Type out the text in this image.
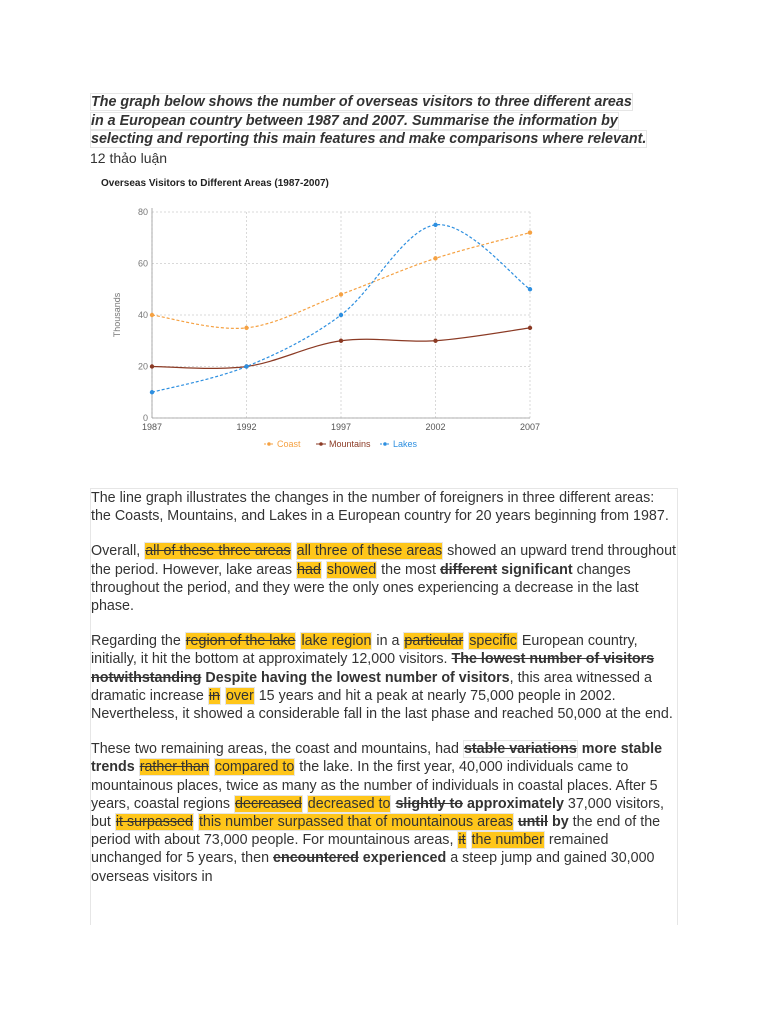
The graph below shows the number of overseas visitors to three different areas
in a European country between 1987 and 2007. Summarise the information by
selecting and reporting this main features and make comparisons where relevant.
12 thảo luận
Overseas Visitors to Different Areas (1987-2007)
0
20
40
60
80
1987	1992	1997	2002	2007
Thousands
Coast	Mountains Lakes

The line graph illustrates the changes in the number of foreigners in three different areas: the Coasts, Mountains, and Lakes in a European country for 20 years beginning from 1987.

Overall, all of these three areas all three of these areas showed an upward trend throughout the period. However, lake areas had showed the most different significant changes throughout the period, and they were the only ones experiencing a decrease in the last phase.

Regarding the region of the lake lake region in a particular specific European country, initially, it hit the bottom at approximately 12,000 visitors. The lowest number of visitors notwithstanding Despite having the lowest number of visitors, this area witnessed a dramatic increase in over 15 years and hit a peak at nearly 75,000 people in 2002. Nevertheless, it showed a considerable fall in the last phase and reached 50,000 at the end.

These two remaining areas, the coast and mountains, had stable variations more stable trends rather than compared to the lake. In the first year, 40,000 individuals came to mountainous places, twice as many as the number of individuals in coastal places. After 5 years, coastal regions decreased decreased to slightly to approximately 37,000 visitors, but it surpassed this number surpassed that of mountainous areas until by the end of the period with about 73,000 people. For mountainous areas, it the number remained unchanged for 5 years, then encountered experienced a steep jump and gained 30,000 overseas visitors in
